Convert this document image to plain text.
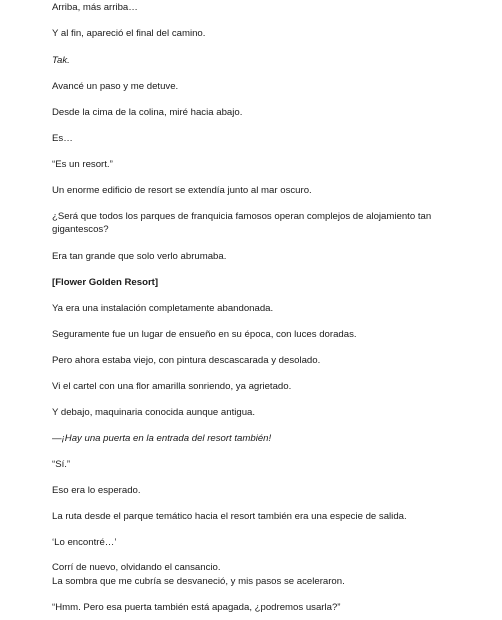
Arriba, más arriba…
Y al fin, apareció el final del camino.
Tak.
Avancé un paso y me detuve.
Desde la cima de la colina, miré hacia abajo.
Es…
“Es un resort.”
Un enorme edificio de resort se extendía junto al mar oscuro.
¿Será que todos los parques de franquicia famosos operan complejos de alojamiento tan gigantescos?
Era tan grande que solo verlo abrumaba.
[Flower Golden Resort]
Ya era una instalación completamente abandonada.
Seguramente fue un lugar de ensueño en su época, con luces doradas.
Pero ahora estaba viejo, con pintura descascarada y desolado.
Vi el cartel con una flor amarilla sonriendo, ya agrietado.
Y debajo, maquinaria conocida aunque antigua.
—¡Hay una puerta en la entrada del resort también!
“Sí.”
Eso era lo esperado.
La ruta desde el parque temático hacia el resort también era una especie de salida.
‘Lo encontré…’
Corrí de nuevo, olvidando el cansancio.
La sombra que me cubría se desvaneció, y mis pasos se aceleraron.
“Hmm. Pero esa puerta también está apagada, ¿podremos usarla?”
